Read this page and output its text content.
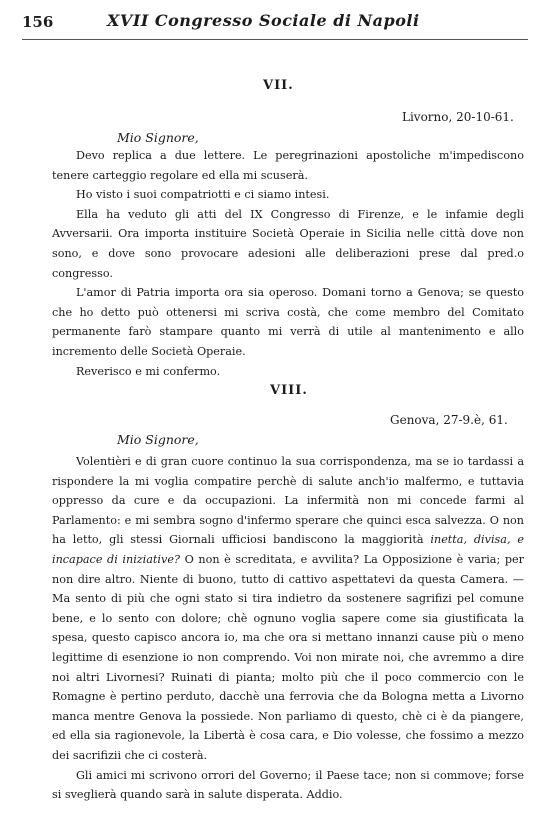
156	XVII Congresso Sociale di Napoli
VII.
Livorno, 20-10-61.
Mio Signore,

Devo replica a due lettere. Le peregrinazioni apostoliche m'impediscono tenere carteggio regolare ed ella mi scuserà.

Ho visto i suoi compatriotti e ci siamo intesi.

Ella ha veduto gli atti del IX Congresso di Firenze, e le infamie degli Avversarii. Ora importa instituire Società Operaie in Sicilia nelle città dove non sono, e dove sono provocare adesioni alle deliberazioni prese dal pred.o congresso.

L'amor di Patria importa ora sia operoso. Domani torno a Genova; se questo che ho detto può ottenersi mi scriva costà, che come membro del Comitato permanente farò stampare quanto mi verrà di utile al mantenimento e allo incremento delle Società Operaie.

Reverisco e mi confermo.

VIII.
Genova, 27-9.è, 61.
Mio Signore,

Volentièri e di gran cuore continuo la sua corrispondenza, ma se io tardassi a rispondere la mi voglia compatire perchè di salute anch'io malfermo, e tuttavia oppresso da cure e da occupazioni. La infermità non mi concede farmi al Parlamento: e mi sembra sogno d'infermo sperare che quinci esca salvezza. O non ha letto, gli stessi Giornali ufficiosi bandiscono la maggiorità inetta, divisa, e incapace di iniziative? O non è screditata, e avvilita? La Opposizione è varia; per non dire altro. Niente di buono, tutto di cattivo aspettatevi da questa Camera. — Ma sento di più che ogni stato si tira indietro da sostenere sagrifizi pel comune bene, e lo sento con dolore; chè ognuno voglia sapere come sia giustificata la spesa, questo capisco ancora io, ma che ora si mettano innanzi cause più o meno legittime di esenzione io non comprendo. Voi non mirate noi, che avremmo a dire noi altri Livornesi? Ruinati di pianta; molto più che il poco commercio con le Romagne è pertino perduto, dacchè una ferrovia che da Bologna metta a Livorno manca mentre Genova la possiede. Non parliamo di questo, chè ci è da piangere, ed ella sia ragionevole, la Libertà è cosa cara, e Dio volesse, che fossimo a mezzo dei sacrifizii che ci costerà.

Gli amici mi scrivono orrori del Governo; il Paese tace; non si commove; forse si sveglierà quando sarà in salute disperata. Addio.
